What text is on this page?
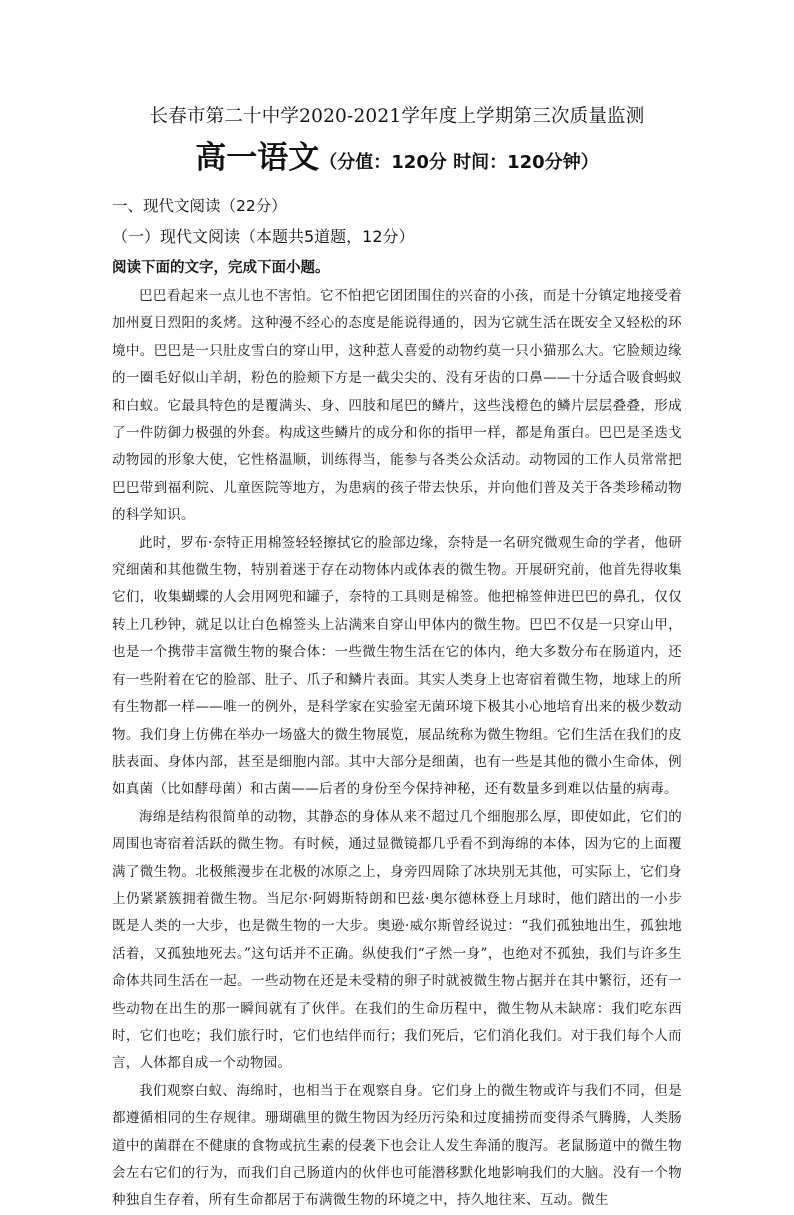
长春市第二十中学2020-2021学年度上学期第三次质量监测
高一语文（分值：120分 时间：120分钟）
一、现代文阅读（22分）
（一）现代文阅读（本题共5道题，12分）
阅读下面的文字，完成下面小题。

巴巴看起来一点儿也不害怕。它不怕把它团团围住的兴奋的小孩，而是十分镇定地接受着加州夏日烈阳的炙烤。这种漫不经心的态度是能说得通的，因为它就生活在既安全又轻松的环境中。巴巴是一只肚皮雪白的穿山甲，这种惹人喜爱的动物约莫一只小猫那么大。它脸颊边缘的一圈毛好似山羊胡，粉色的脸颊下方是一截尖尖的、没有牙齿的口鼻——十分适合吸食蚂蚁和白蚁。它最具特色的是覆满头、身、四肢和尾巴的鳞片，这些浅橙色的鳞片层层叠叠，形成了一件防御力极强的外套。构成这些鳞片的成分和你的指甲一样，都是角蛋白。巴巴是圣迭戈动物园的形象大使，它性格温顺，训练得当，能参与各类公众活动。动物园的工作人员常常把巴巴带到福利院、儿童医院等地方，为患病的孩子带去快乐，并向他们普及关于各类珍稀动物的科学知识。

此时，罗布·奈特正用棉签轻轻擦拭它的脸部边缘，奈特是一名研究微观生命的学者，他研究细菌和其他微生物，特别着迷于存在动物体内或体表的微生物。开展研究前，他首先得收集它们，收集蝴蝶的人会用网兜和罐子，奈特的工具则是棉签。他把棉签伸进巴巴的鼻孔，仅仅转上几秒钟，就足以让白色棉签头上沾满来自穿山甲体内的微生物。巴巴不仅是一只穿山甲，也是一个携带丰富微生物的聚合体：一些微生物生活在它的体内，绝大多数分布在肠道内，还有一些附着在它的脸部、肚子、爪子和鳞片表面。其实人类身上也寄宿着微生物，地球上的所有生物都一样——唯一的例外，是科学家在实验室无菌环境下极其小心地培育出来的极少数动物。我们身上仿佛在举办一场盛大的微生物展览，展品统称为微生物组。它们生活在我们的皮肤表面、身体内部，甚至是细胞内部。其中大部分是细菌，也有一些是其他的微小生命体，例如真菌（比如酵母菌）和古菌——后者的身份至今保持神秘，还有数量多到难以估量的病毒。

海绵是结构很简单的动物，其静态的身体从来不超过几个细胞那么厚，即使如此，它们的周围也寄宿着活跃的微生物。有时候，通过显微镜都几乎看不到海绵的本体，因为它的上面覆满了微生物。北极熊漫步在北极的冰原之上，身旁四周除了冰块别无其他，可实际上，它们身上仍紧紧簇拥着微生物。当尼尔·阿姆斯特朗和巴兹·奥尔德林登上月球时，他们踏出的一小步既是人类的一大步，也是微生物的一大步。奥逊·威尔斯曾经说过：“我们孤独地出生，孤独地活着，又孤独地死去。”这句话并不正确。纵使我们“孑然一身”，也绝对不孤独，我们与许多生命体共同生活在一起。一些动物在还是未受精的卵子时就被微生物占据并在其中繁衍，还有一些动物在出生的那一瞬间就有了伙伴。在我们的生命历程中，微生物从未缺席：我们吃东西时，它们也吃；我们旅行时，它们也结伴而行；我们死后，它们消化我们。对于我们每个人而言，人体都自成一个动物园。

我们观察白蚁、海绵时，也相当于在观察自身。它们身上的微生物或许与我们不同，但是都遵循相同的生存规律。珊瑚礁里的微生物因为经历污染和过度捕捞而变得杀气腾腾，人类肠道中的菌群在不健康的食物或抗生素的侵袭下也会让人发生奔涌的腹泻。老鼠肠道中的微生物会左右它们的行为，而我们自己肠道内的伙伴也可能潜移默化地影响我们的大脑。没有一个物种独自生存着，所有生命都居于布满微生物的环境之中，持久地往来、互动。微生
